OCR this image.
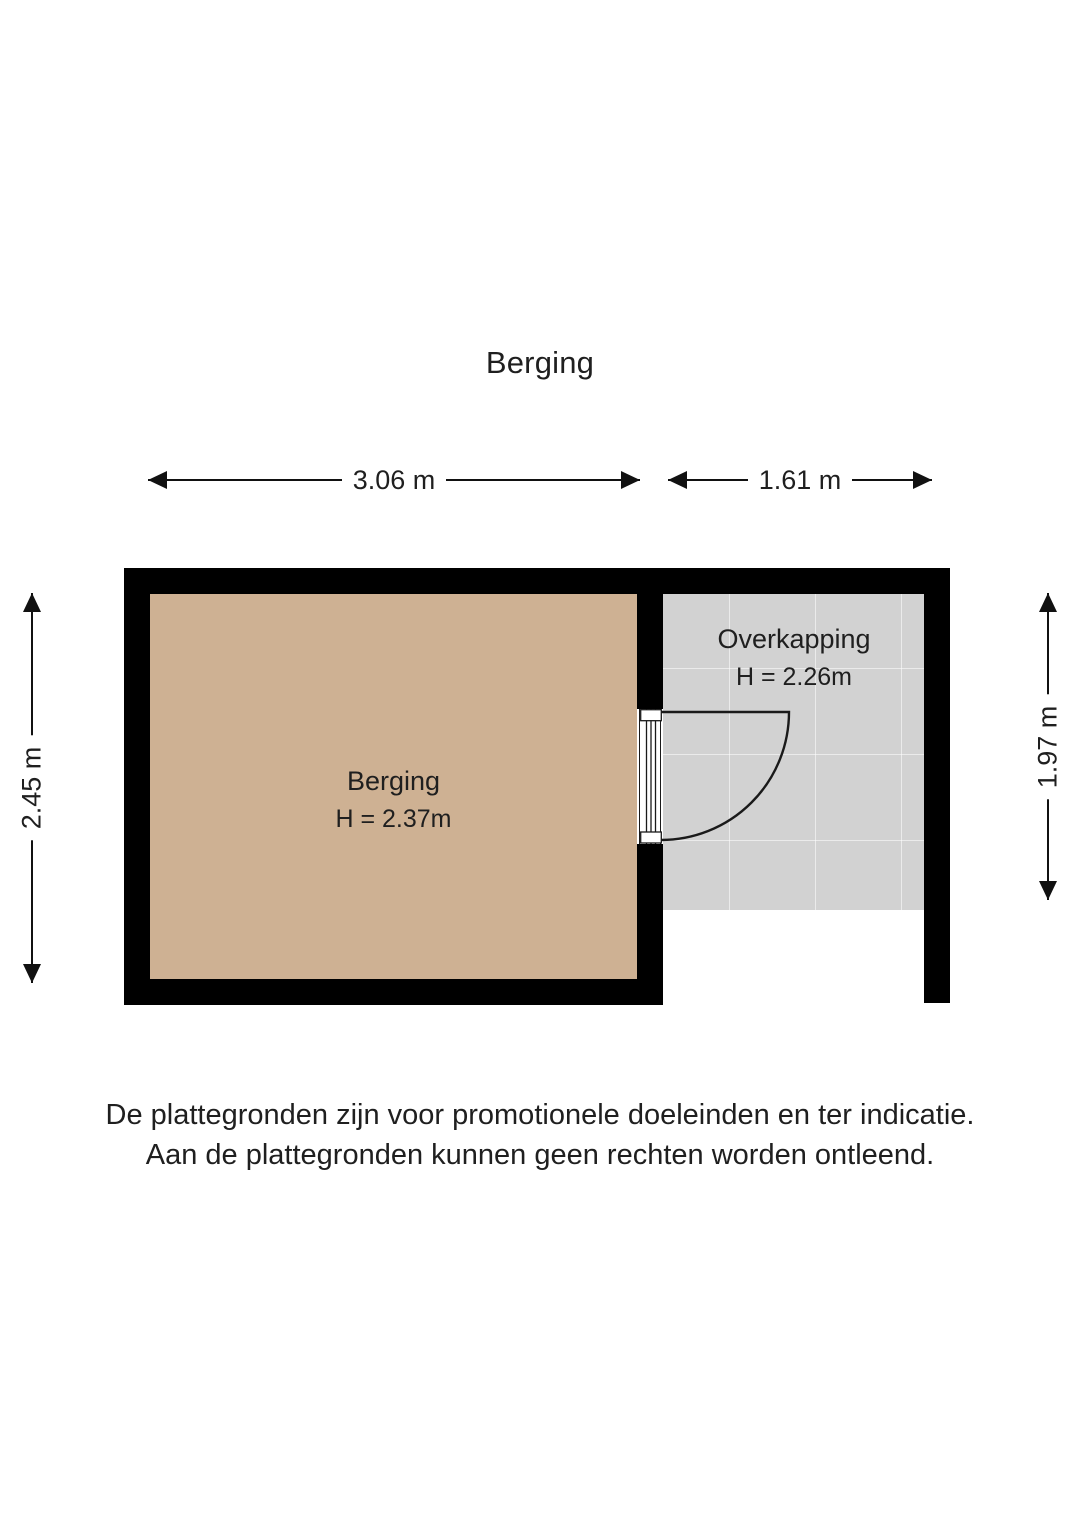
Berging
3.06 m	1.61 m
2.45 m
1.97 m
Berging
H = 2.37m
Overkapping
H = 2.26m
De plattegronden zijn voor promotionele doeleinden en ter indicatie.
Aan de plattegronden kunnen geen rechten worden ontleend.
